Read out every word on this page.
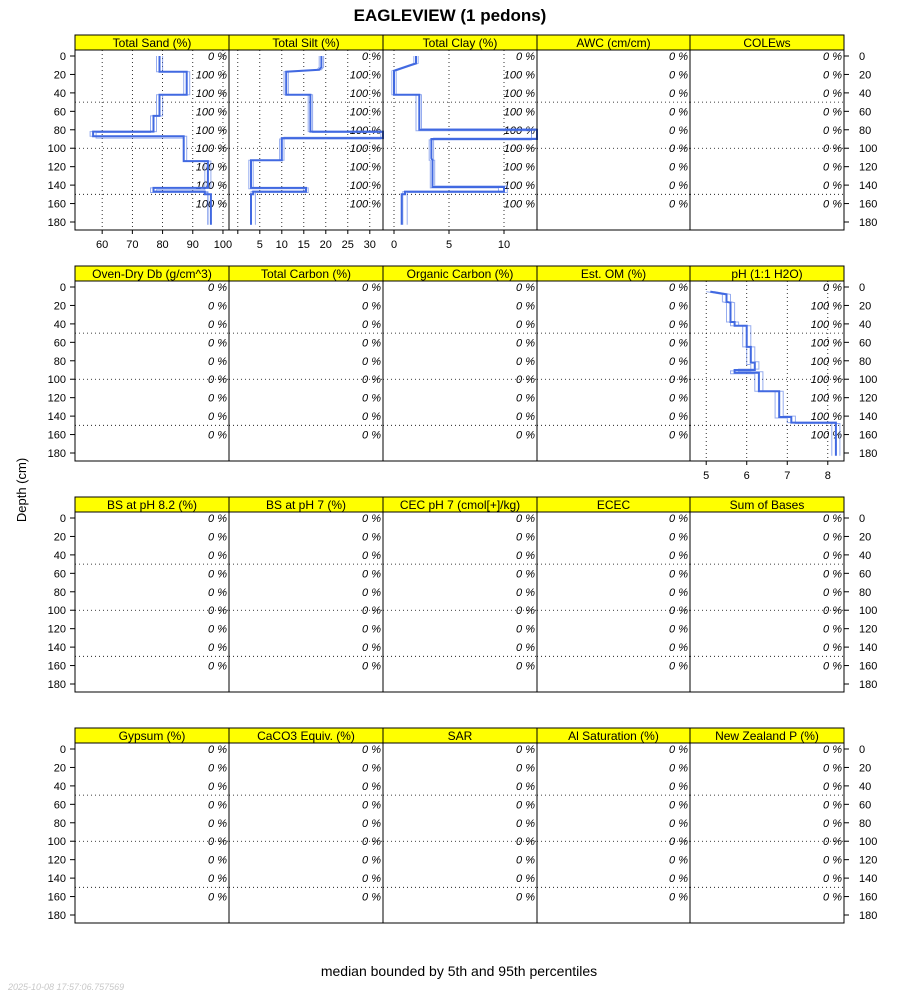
EAGLEVIEW (1 pedons)
Total Sand (%)
0 %
100 %
100 %
100 %
100 %
100 %
100 %
100 %
100 %
60 70 80 90 100
0
20
40
60
80
100
120
140
160
180
Total Silt (%)
0 %
100 %
100 %
100 %
100 %
100 %
100 %
100 %
100 %
5 10 15 20 25 30
Total Clay (%)
0 %
100 %
100 %
100 %
100 %
100 %
100 %
100 %
100 %
0	5	10
AWC (cm/cm)
0 %
0 %
0 %
0 %
0 %
0 %
0 %
0 %
0 %
COLEws
0 %
0 %
0 %
0 %
0 %
0 %
0 %
0 %
0 %
0
20
40
60
80
100
120
140
160
180
Oven-Dry Db (g/cm^3)
0 %
0 %
0 %
0 %
0 %
0 %
0 %
0 %
0 %
0
20
40
60
80
100
120
140
160
180
Total Carbon (%)
0 %
0 %
0 %
0 %
0 %
0 %
0 %
0 %
0 %
Organic Carbon (%)
0 %
0 %
0 %
0 %
0 %
0 %
0 %
0 %
0 %
Est. OM (%)
0 %
0 %
0 %
0 %
0 %
0 %
0 %
0 %
0 %
pH (1:1 H2O)
0 %
100 %
100 %
100 %
100 %
100 %
100 %
100 %
100 %
5	6	7	8
0
20
40
60
80
100
120
140
160
180
BS at pH 8.2 (%)
0 %
0 %
0 %
0 %
0 %
0 %
0 %
0 %
0 %
0
20
40
60
80
100
120
140
160
180
BS at pH 7 (%)
0 %
0 %
0 %
0 %
0 %
0 %
0 %
0 %
0 %
CEC pH 7 (cmol[+]/kg)
0 %
0 %
0 %
0 %
0 %
0 %
0 %
0 %
0 %
ECEC
0 %
0 %
0 %
0 %
0 %
0 %
0 %
0 %
0 %
Sum of Bases
0 %
0 %
0 %
0 %
0 %
0 %
0 %
0 %
0 %
0
20
40
60
80
100
120
140
160
180
Gypsum (%)
0 %
0 %
0 %
0 %
0 %
0 %
0 %
0 %
0 %
0
20
40
60
80
100
120
140
160
180
CaCO3 Equiv. (%)
0 %
0 %
0 %
0 %
0 %
0 %
0 %
0 %
0 %
SAR
0 %
0 %
0 %
0 %
0 %
0 %
0 %
0 %
0 %
Al Saturation (%)
0 %
0 %
0 %
0 %
0 %
0 %
0 %
0 %
0 %
New Zealand P (%)
0 %
0 %
0 %
0 %
0 %
0 %
0 %
0 %
0 %
0
20
40
60
80
100
120
140
160
180
Depth (cm)
median bounded by 5th and 95th percentiles
2025-10-08 17:57:06.757569
